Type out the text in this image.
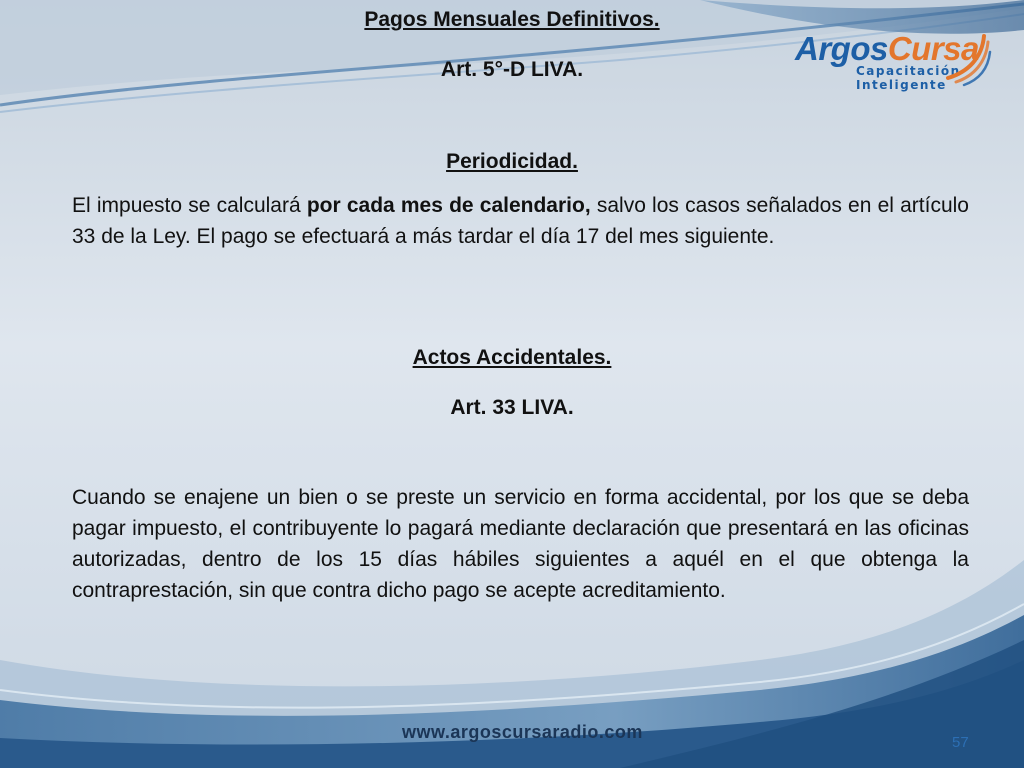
Pagos Mensuales Definitivos.
Art. 5°-D LIVA.
Periodicidad.
El impuesto se calculará por cada mes de calendario, salvo los casos señalados en el artículo 33 de la Ley. El pago se efectuará a más tardar el día 17 del mes siguiente.
Actos Accidentales.
Art. 33 LIVA.
Cuando se enajene un bien o se preste un servicio en forma accidental, por los que se deba pagar impuesto, el contribuyente lo pagará mediante declaración que presentará en las oficinas autorizadas, dentro de los 15 días hábiles siguientes a aquél en el que obtenga la contraprestación, sin que contra dicho pago se acepte acreditamiento.
ArgosCursa
Capacitación
Inteligente
www.argoscursaradio.com
57
